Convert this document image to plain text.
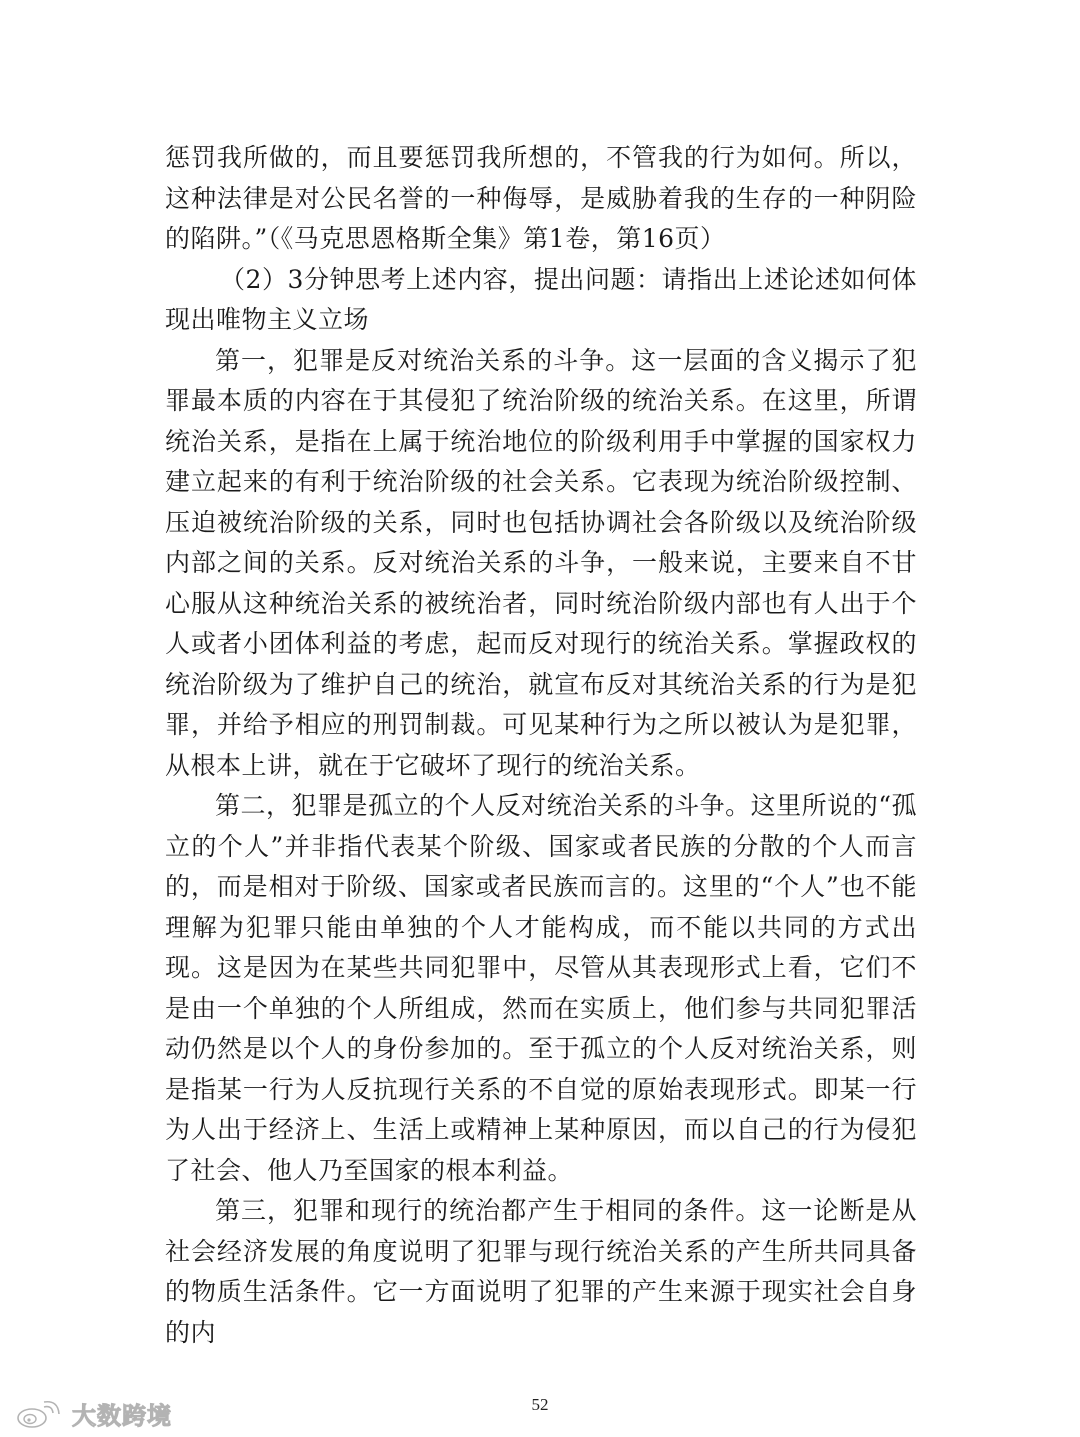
惩罚我所做的，而且要惩罚我所想的，不管我的行为如何。所以，这种法律是对公民名誉的一种侮辱，是威胁着我的生存的一种阴险的陷阱。”（《马克思恩格斯全集》第1卷，第16页）

（2）3分钟思考上述内容，提出问题：请指出上述论述如何体现出唯物主义立场

第一，犯罪是反对统治关系的斗争。这一层面的含义揭示了犯罪最本质的内容在于其侵犯了统治阶级的统治关系。在这里，所谓统治关系，是指在上属于统治地位的阶级利用手中掌握的国家权力建立起来的有利于统治阶级的社会关系。它表现为统治阶级控制、压迫被统治阶级的关系，同时也包括协调社会各阶级以及统治阶级内部之间的关系。反对统治关系的斗争，一般来说，主要来自不甘心服从这种统治关系的被统治者，同时统治阶级内部也有人出于个人或者小团体利益的考虑，起而反对现行的统治关系。掌握政权的统治阶级为了维护自己的统治，就宣布反对其统治关系的行为是犯罪，并给予相应的刑罚制裁。可见某种行为之所以被认为是犯罪，从根本上讲，就在于它破坏了现行的统治关系。

第二，犯罪是孤立的个人反对统治关系的斗争。这里所说的“孤立的个人”并非指代表某个阶级、国家或者民族的分散的个人而言的，而是相对于阶级、国家或者民族而言的。这里的“个人”也不能理解为犯罪只能由单独的个人才能构成，而不能以共同的方式出现。这是因为在某些共同犯罪中，尽管从其表现形式上看，它们不是由一个单独的个人所组成，然而在实质上，他们参与共同犯罪活动仍然是以个人的身份参加的。至于孤立的个人反对统治关系，则是指某一行为人反抗现行关系的不自觉的原始表现形式。即某一行为人出于经济上、生活上或精神上某种原因，而以自己的行为侵犯了社会、他人乃至国家的根本利益。

第三，犯罪和现行的统治都产生于相同的条件。这一论断是从社会经济发展的角度说明了犯罪与现行统治关系的产生所共同具备的物质生活条件。它一方面说明了犯罪的产生来源于现实社会自身的内

52
大数跨境
